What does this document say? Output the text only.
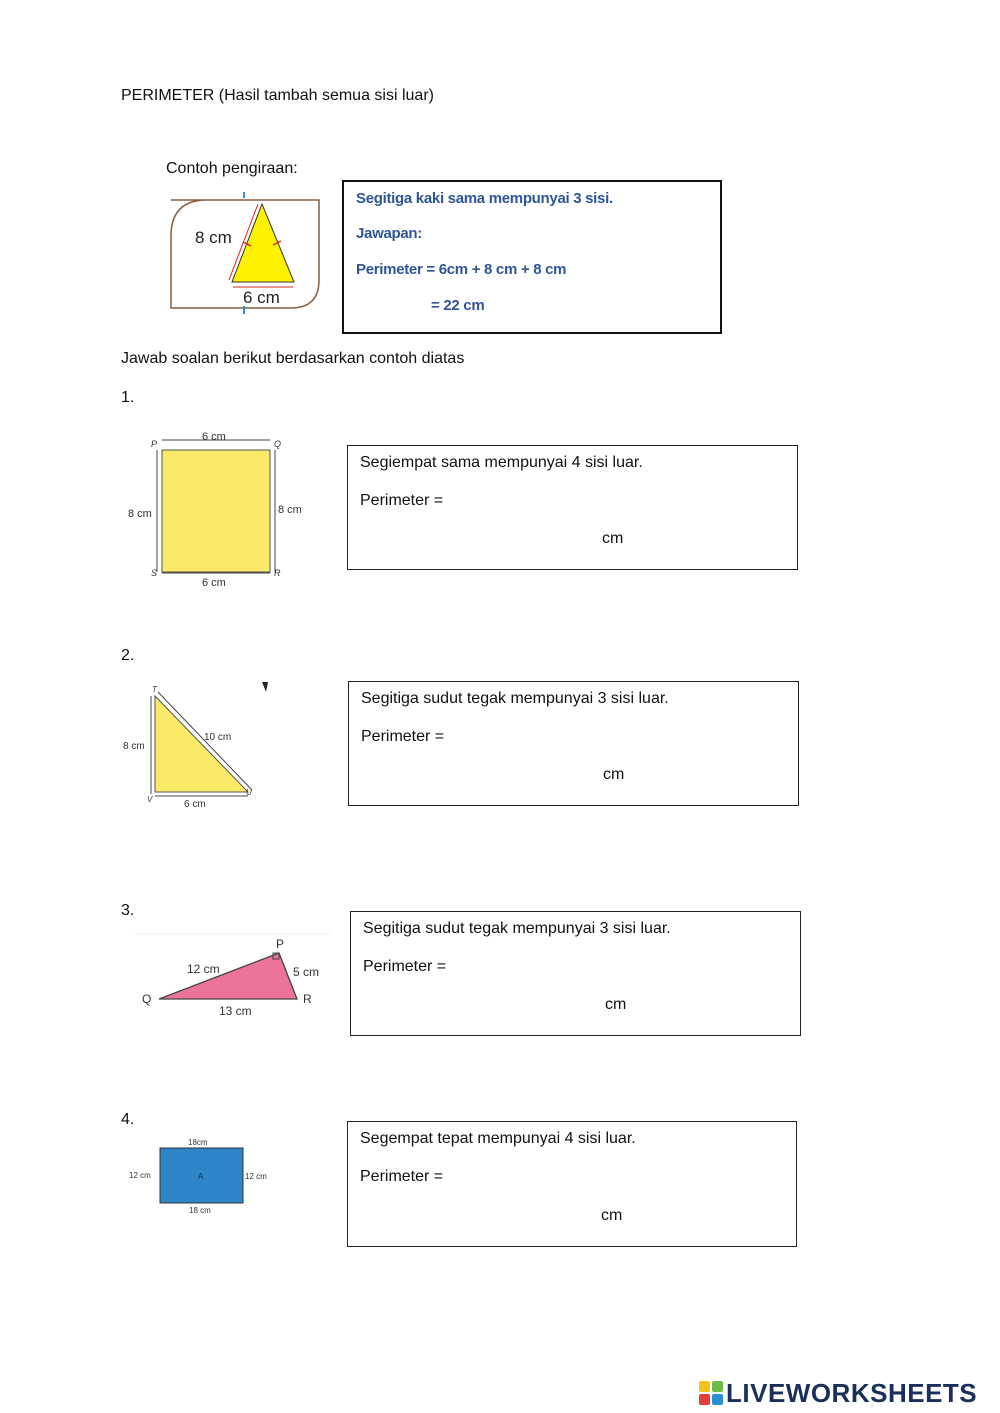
PERIMETER (Hasil tambah semua sisi luar)
Contoh pengiraan:
8 cm
6 cm
Segitiga kaki sama mempunyai 3 sisi.
Jawapan:
Perimeter = 6cm + 8 cm + 8 cm
= 22 cm
Jawab soalan berikut berdasarkan contoh diatas
1.
6 cm
6 cm
8 cm	8 cm
P	Q
R
S
Segiempat sama mempunyai 4 sisi luar.
Perimeter =
cm
2.
8 cm
10 cm
6 cm
T
V
U
Segitiga sudut tegak mempunyai 3 sisi luar.
Perimeter =
cm
3.
12 cm	5 cm
13 cm
P
Q	R
Segitiga sudut tegak mempunyai 3 sisi luar.
Perimeter =
cm
4.
18cm
18 cm
12 cm	12 cm
A
Segempat tepat mempunyai 4 sisi luar.
Perimeter =
cm
LIVEWORKSHEETS
